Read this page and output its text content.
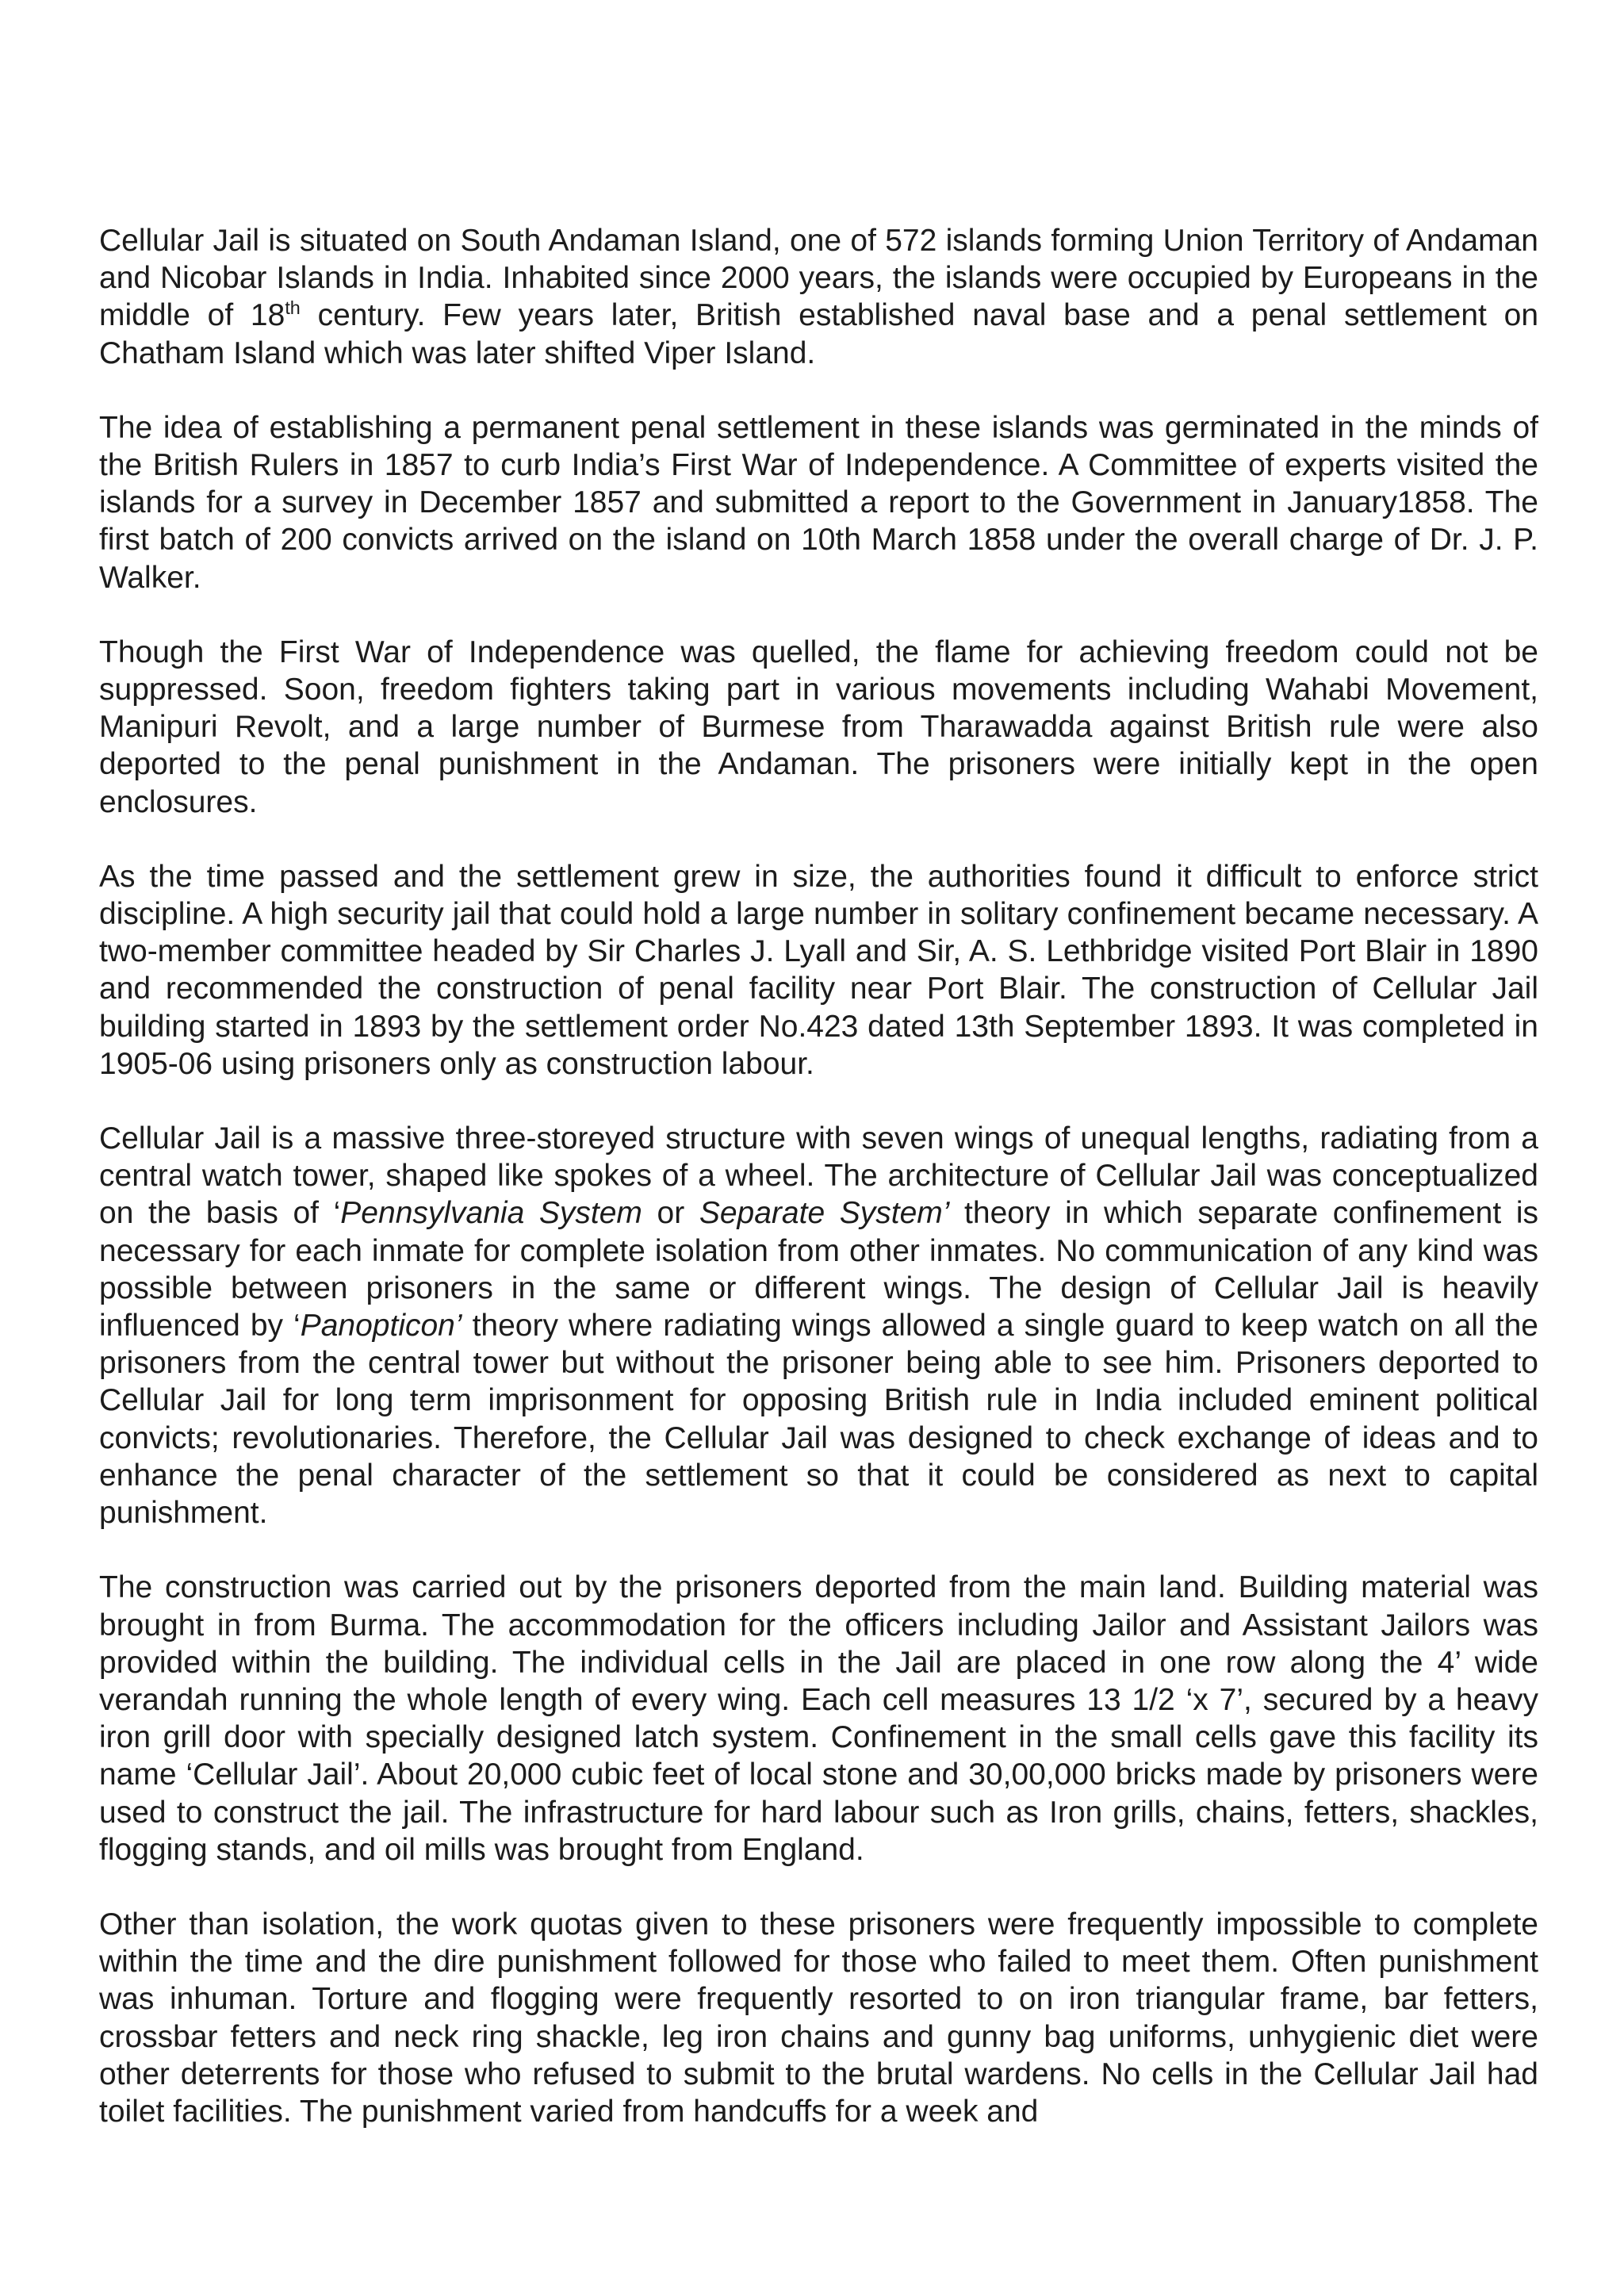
Cellular Jail is situated on South Andaman Island, one of 572 islands forming Union Territory of Andaman and Nicobar Islands in India. Inhabited since 2000 years, the islands were occupied by Europeans in the middle of 18th century. Few years later, British established naval base and a penal settlement on Chatham Island which was later shifted Viper Island.

The idea of establishing a permanent penal settlement in these islands was germinated in the minds of the British Rulers in 1857 to curb India’s First War of Independence. A Committee of experts visited the islands for a survey in December 1857 and submitted a report to the Government in January1858. The first batch of 200 convicts arrived on the island on 10th March 1858 under the overall charge of Dr. J. P. Walker.

Though the First War of Independence was quelled, the flame for achieving freedom could not be suppressed. Soon, freedom fighters taking part in various movements including Wahabi Movement, Manipuri Revolt, and a large number of Burmese from Tharawadda against British rule were also deported to the penal punishment in the Andaman. The prisoners were initially kept in the open enclosures.

As the time passed and the settlement grew in size, the authorities found it difficult to enforce strict discipline. A high security jail that could hold a large number in solitary confinement became necessary. A two-member committee headed by Sir Charles J. Lyall and Sir, A. S. Lethbridge visited Port Blair in 1890 and recommended the construction of penal facility near Port Blair. The construction of Cellular Jail building started in 1893 by the settlement order No.423 dated 13th September 1893. It was completed in 1905-06 using prisoners only as construction labour.

Cellular Jail is a massive three-storeyed structure with seven wings of unequal lengths, radiating from a central watch tower, shaped like spokes of a wheel. The architecture of Cellular Jail was conceptualized on the basis of ‘Pennsylvania System or Separate System’ theory in which separate confinement is necessary for each inmate for complete isolation from other inmates. No communication of any kind was possible between prisoners in the same or different wings. The design of Cellular Jail is heavily influenced by ‘Panopticon’ theory where radiating wings allowed a single guard to keep watch on all the prisoners from the central tower but without the prisoner being able to see him. Prisoners deported to Cellular Jail for long term imprisonment for opposing British rule in India included eminent political convicts; revolutionaries. Therefore, the Cellular Jail was designed to check exchange of ideas and to enhance the penal character of the settlement so that it could be considered as next to capital punishment.

The construction was carried out by the prisoners deported from the main land. Building material was brought in from Burma. The accommodation for the officers including Jailor and Assistant Jailors was provided within the building. The individual cells in the Jail are placed in one row along the 4’ wide verandah running the whole length of every wing. Each cell measures 13 1/2 ‘x 7’, secured by a heavy iron grill door with specially designed latch system. Confinement in the small cells gave this facility its name ‘Cellular Jail’. About 20,000 cubic feet of local stone and 30,00,000 bricks made by prisoners were used to construct the jail. The infrastructure for hard labour such as Iron grills, chains, fetters, shackles, flogging stands, and oil mills was brought from England.

Other than isolation, the work quotas given to these prisoners were frequently impossible to complete within the time and the dire punishment followed for those who failed to meet them. Often punishment was inhuman. Torture and flogging were frequently resorted to on iron triangular frame, bar fetters, crossbar fetters and neck ring shackle, leg iron chains and gunny bag uniforms, unhygienic diet were other deterrents for those who refused to submit to the brutal wardens. No cells in the Cellular Jail had toilet facilities. The punishment varied from handcuffs for a week and
